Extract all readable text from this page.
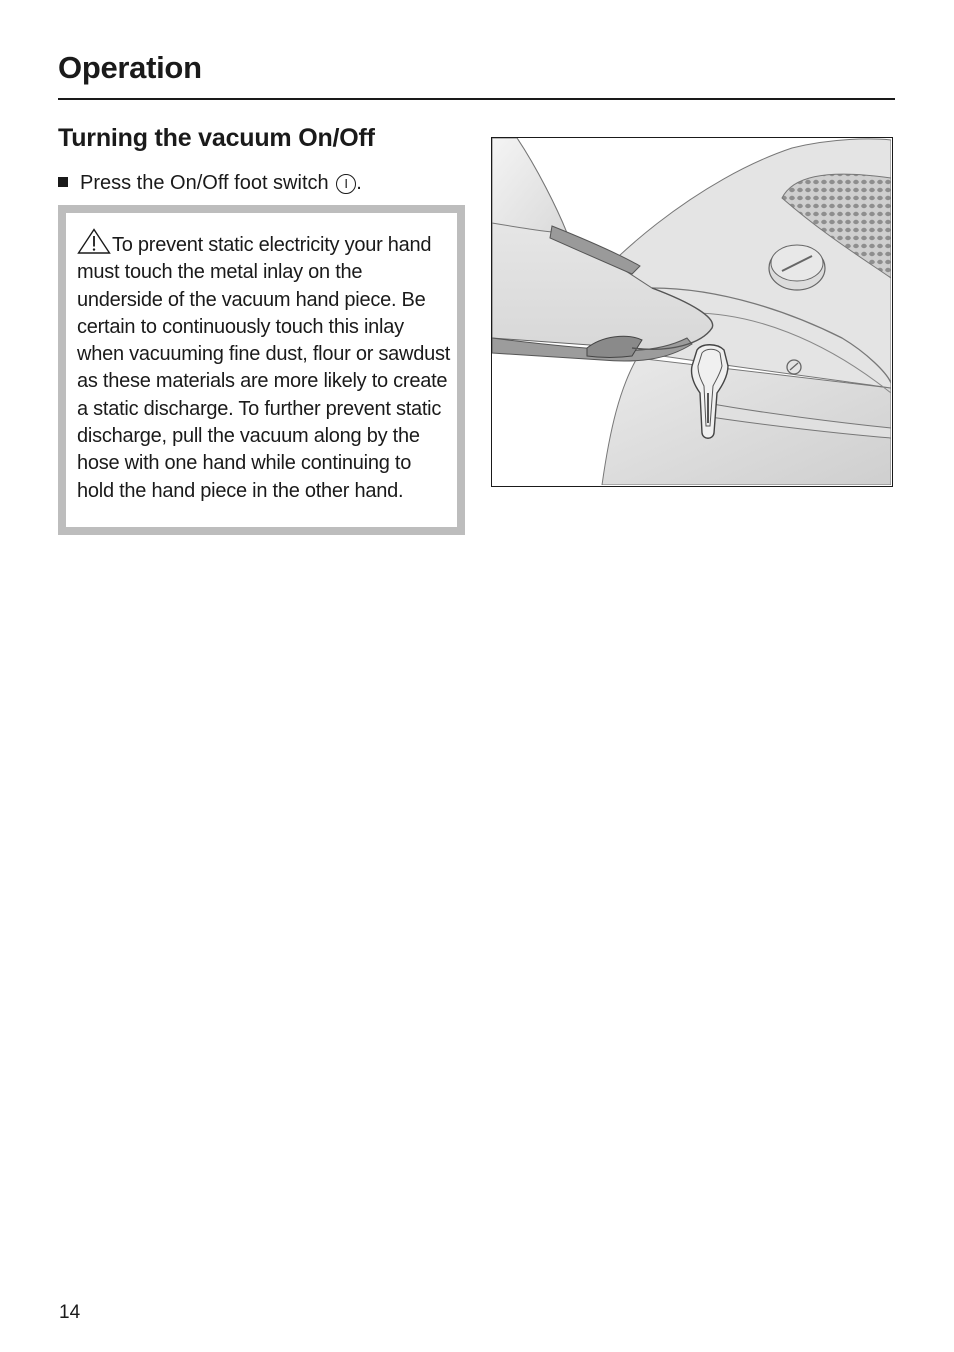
Operation
Turning the vacuum On/Off
Press the On/Off foot switch I .
To prevent static electricity your hand must touch the metal inlay on the underside of the vacuum hand piece. Be certain to continuously touch this inlay when vacuuming fine dust, flour or sawdust as these materials are more likely to create a static discharge. To further prevent static discharge, pull the vacuum along by the hose with one hand while continuing to hold the hand piece in the other hand.
14
